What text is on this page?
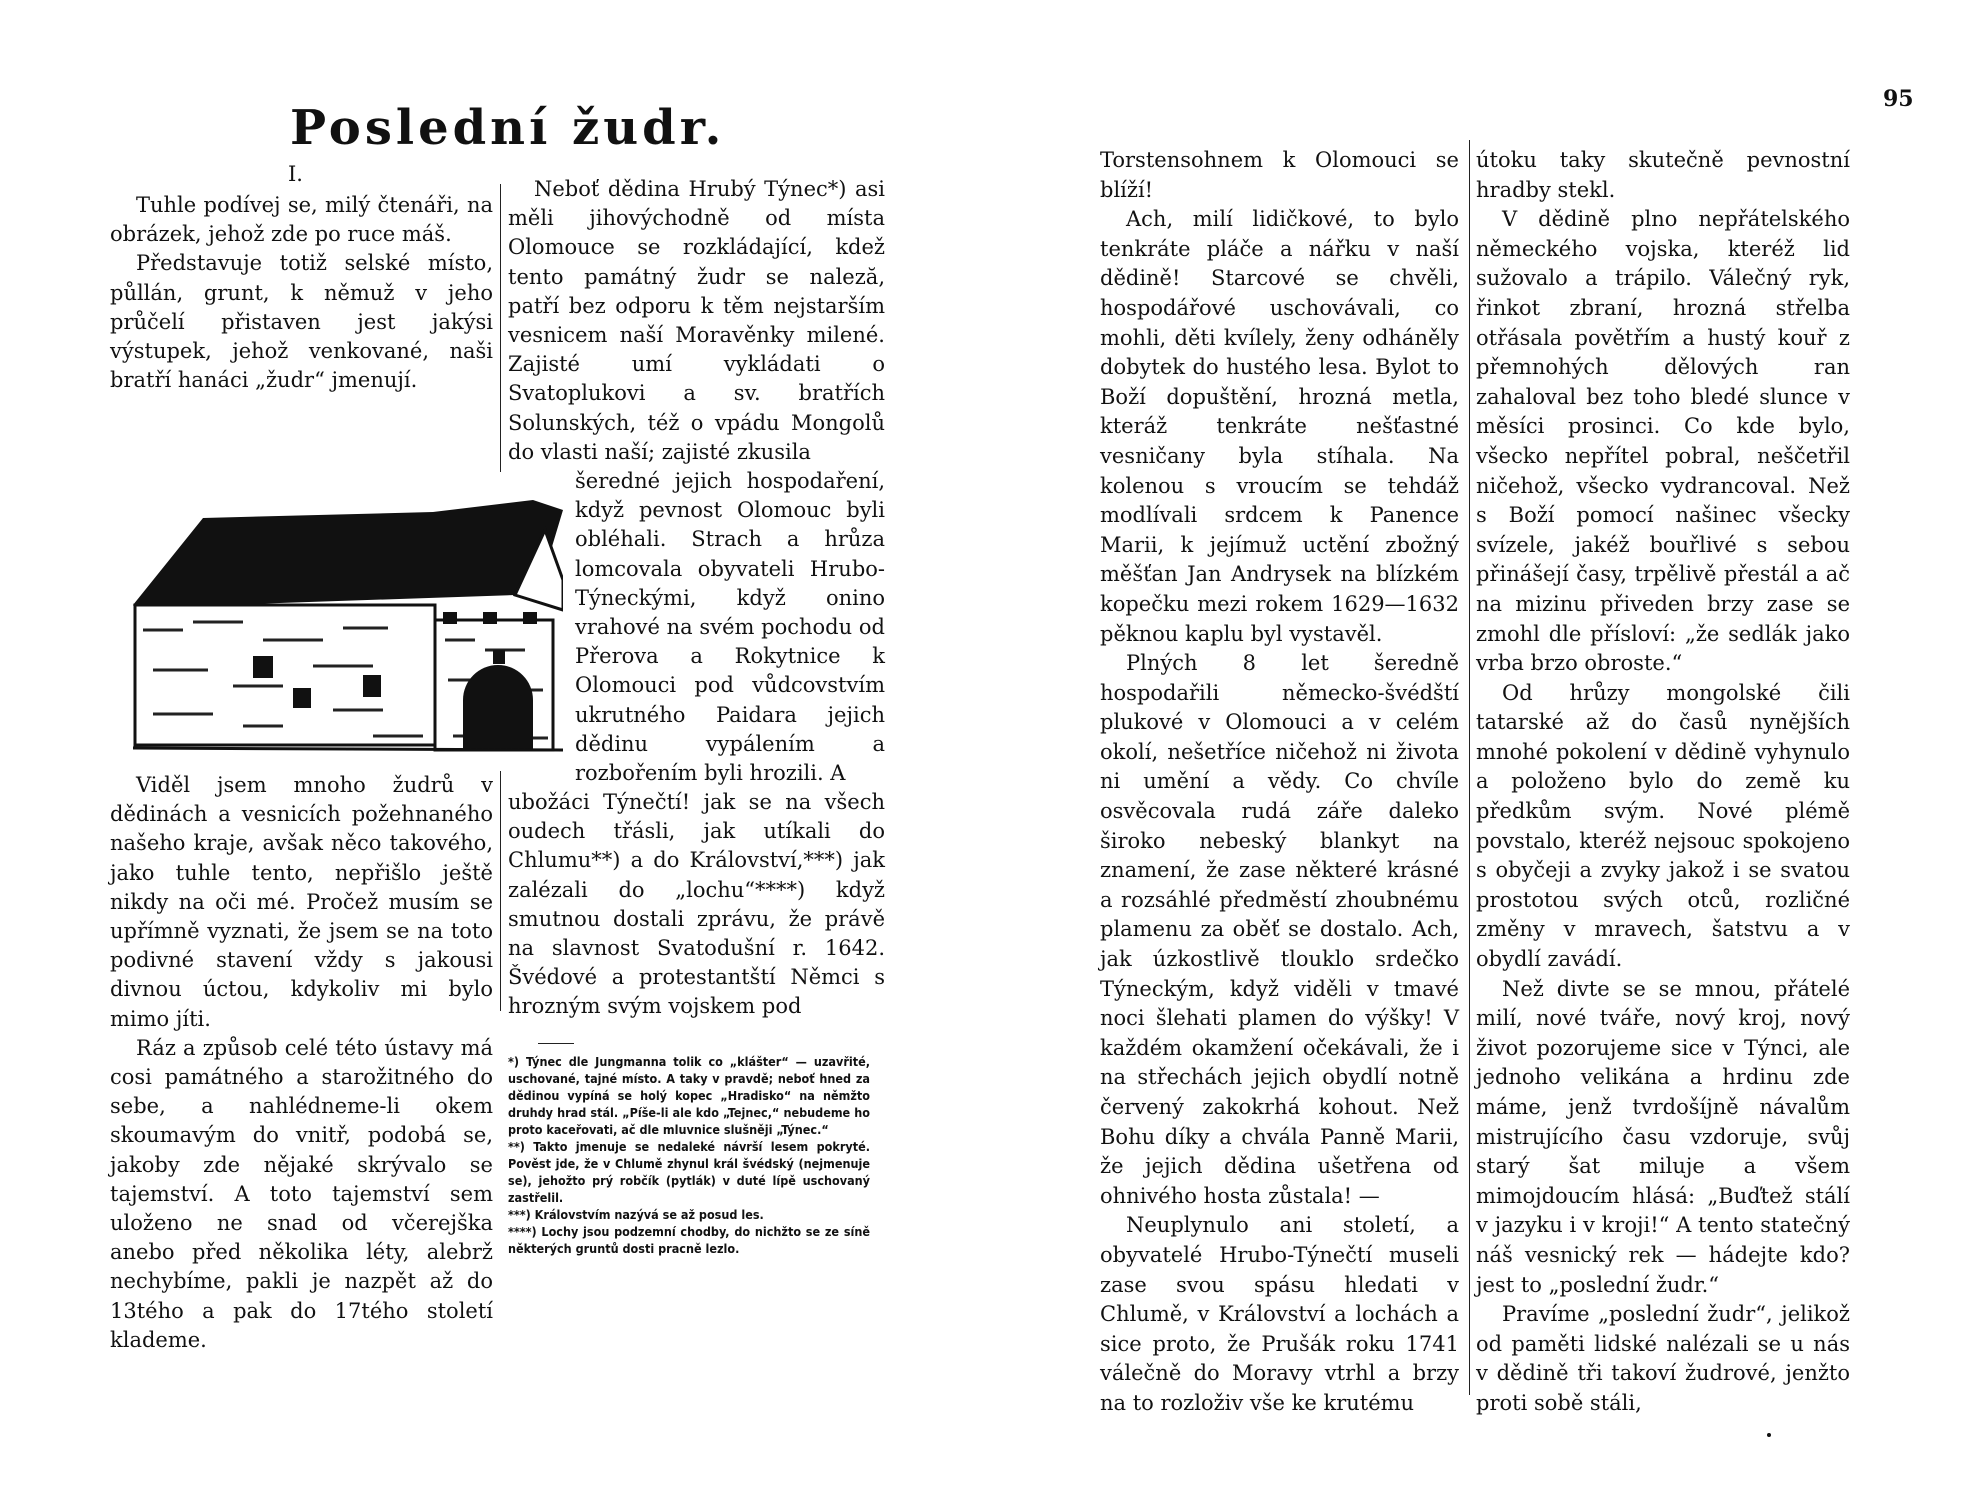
Poslední žudr.
I.

Tuhle podívej se, milý čtenáři, na obrázek, jehož zde po ruce máš.

Představuje totiž selské místo, půllán, grunt, k němuž v jeho průčelí přistaven jest jakýsi výstupek, jehož venkované, naši bratří hanáci „žudr“ jmenují.

Viděl jsem mnoho žudrů v dědinách a vesnicích požehnaného našeho kraje, avšak něco takového, jako tuhle tento, nepřišlo ještě nikdy na oči mé. Pročež musím se upřímně vyznati, že jsem se na toto podivné stavení vždy s jakousi divnou úctou, kdykoliv mi bylo mimo jíti.

Ráz a způsob celé této ústavy má cosi památného a starožitného do sebe, a nahlédneme-li okem skoumavým do vnitř, podobá se, jakoby zde nějaké skrývalo se tajemství. A toto tajemství sem uloženo ne snad od včerejška anebo před několika léty, alebrž nechybíme, pakli je nazpět až do 13tého a pak do 17tého století klademe.

Neboť dědina Hrubý Týnec*) asi měli jihovýchodně od místa Olomouce se rozkládající, kdež tento památný žudr se naleză, patří bez odporu k těm nejstarším vesnicem naší Moravěnky milené. Zajisté umí vykládati o Svatoplukovi a sv. bratřích Solunských, též o vpádu Mongolů do vlasti naší; zajisté zkusila

šeredné jejich hospodaření, když pevnost Olomouc byli obléhali. Strach a hrůza lomcovala obyvateli Hrubo-Týneckými, když onino vrahové na svém pochodu od Přerova a Rokytnice k Olomouci pod vůdcovstvím ukrutného Paidara jejich dědinu vypálením a rozbořením byli hrozili. A

ubožáci Týnečtí! jak se na všech oudech třásli, jak utíkali do Chlumu**) a do Království,***) jak zalézali do „lochu“****) když smutnou dostali zprávu, že právě na slavnost Svatodušní r. 1642. Švédové a protestantští Němci s hrozným svým vojskem pod

*) Týnec dle Jungmanna tolik co „klášter“ — uzavřité, uschované, tajné místo. A taky v pravdě; neboť hned za dědinou vypíná se holý kopec „Hradisko“ na němžto druhdy hrad stál. „Píše-li ale kdo „Tejnec,“ nebudeme ho proto kaceřovati, ač dle mluvnice slušněji „Týnec.“

**) Takto jmenuje se nedaleké návrší lesem pokryté. Pověst jde, že v Chlumě zhynul král švédský (nejmenuje se), jehožto prý robčík (pytlák) v duté lípě uschovaný zastřelil.

***) Královstvím nazývá se až posud les.

****) Lochy jsou podzemní chodby, do nichžto se ze síně některých gruntů dosti pracně lezlo.

95

Torstensohnem k Olomouci se blíží!

Ach, milí lidičkové, to bylo tenkráte pláče a nářku v naší dědině! Starcové se chvěli, hospodářové uschovávali, co mohli, děti kvílely, ženy odháněly dobytek do hustého lesa. Bylot to Boží dopuštění, hrozná metla, kteráž tenkráte nešťastné vesničany byla stíhala. Na kolenou s vroucím se tehdáž modlívali srdcem k Panence Marii, k jejímuž uctění zbožný měšťan Jan Andrysek na blízkém kopečku mezi rokem 1629—1632 pěknou kaplu byl vystavěl.

Plných 8 let šeredně hospodařili německo-švédští plukové v Olomouci a v celém okolí, nešetříce ničehož ni života ni umění a vědy. Co chvíle osvěcovala rudá záře daleko široko nebeský blankyt na znamení, že zase některé krásné a rozsáhlé předměstí zhoubnému plamenu za oběť se dostalo. Ach, jak úzkostlivě tlouklo srdečko Týneckým, když viděli v tmavé noci šlehati plamen do výšky! V každém okamžení očekávali, že i na střechách jejich obydlí notně červený zakokrhá kohout. Než Bohu díky a chvála Panně Marii, že jejich dědina ušetřena od ohnivého hosta zůstala! —

Neuplynulo ani století, a obyvatelé Hrubo-Týnečtí museli zase svou spásu hledati v Chlumě, v Království a lochách a sice proto, že Prušák roku 1741 válečně do Moravy vtrhl a brzy na to rozloživ vše ke krutému

útoku taky skutečně pevnostní hradby stekl.

V dědině plno nepřátelského německého vojska, kteréž lid sužovalo a trápilo. Válečný ryk, řinkot zbraní, hrozná střelba otřásala povětřím a hustý kouř z přemnohých dělových ran zahaloval bez toho bledé slunce v měsíci prosinci. Co kde bylo, všecko nepřítel pobral, neščetřil ničehož, všecko vydrancoval. Než s Boží pomocí našinec všecky svízele, jakéž bouřlivé s sebou přinášejí časy, trpělivě přestál a ač na mizinu přiveden brzy zase se zmohl dle přísloví: „že sedlák jako vrba brzo obroste.“

Od hrůzy mongolské čili tatarské až do časů nynějších mnohé pokolení v dědině vyhynulo a položeno bylo do země ku předkům svým. Nové plémě povstalo, kteréž nejsouc spokojeno s obyčeji a zvyky jakož i se svatou prostotou svých otců, rozličné změny v mravech, šatstvu a v obydlí zavádí.

Než divte se se mnou, přátelé milí, nové tváře, nový kroj, nový život pozorujeme sice v Týnci, ale jednoho velikána a hrdinu zde máme, jenž tvrdošíjně návalům mistrujícího času vzdoruje, svůj starý šat miluje a všem mimojdoucím hlásá: „Buďtež stálí v jazyku i v kroji!“ A tento statečný náš vesnický rek — hádejte kdo? jest to „poslední žudr.“

Pravíme „poslední žudr“, jelikož od paměti lidské nalézali se u nás v dědině tři takoví žudrové, jenžto proti sobě stáli,
